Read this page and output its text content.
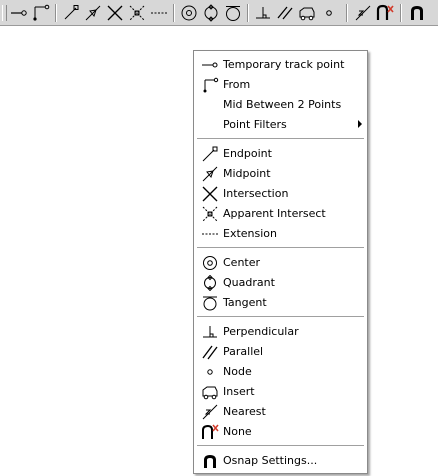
Temporary track point
From
Mid Between 2 Points
Point Filters
Endpoint
Midpoint
Intersection
Apparent Intersect
Extension
Center
Quadrant
Tangent
Perpendicular
Parallel
Node
Insert
Nearest
None
Osnap Settings...
